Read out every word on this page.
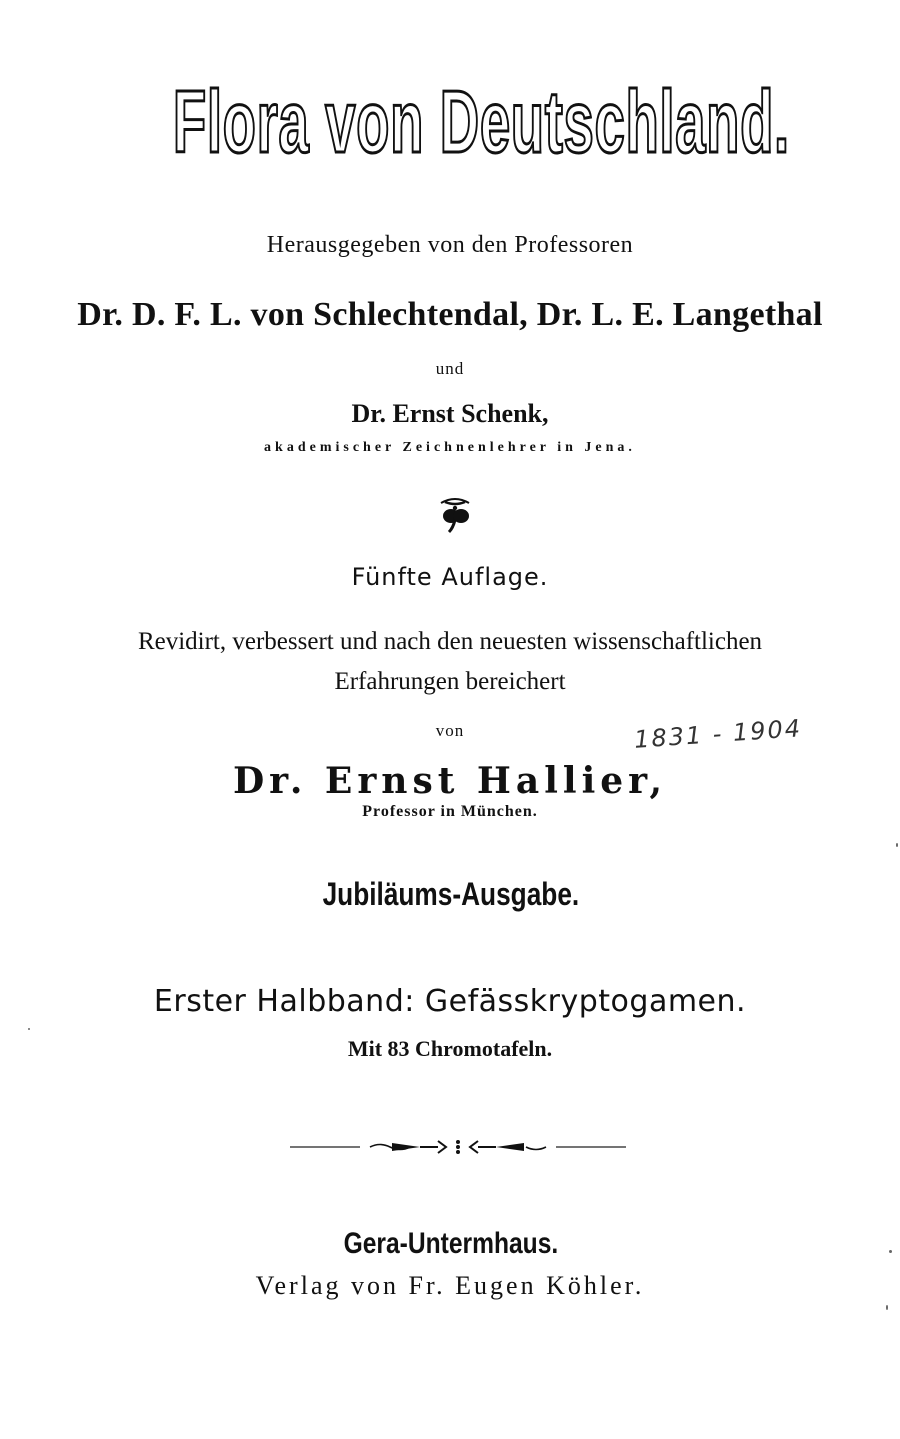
Flora von Deutschland.

Herausgegeben von den Professoren

Dr. D. F. L. von Schlechtendal, Dr. L. E. Langethal

und

Dr. Ernst Schenk,

akademischer Zeichnenlehrer in Jena.

Fünfte Auflage.

Revidirt, verbessert und nach den neuesten wissenschaftlichen

Erfahrungen bereichert

von	1831 - 1904

Dr. Ernst Hallier,

Professor in München.

Jubiläums-Ausgabe.

Erster Halbband: Gefässkryptogamen.

Mit 83 Chromotafeln.

Gera-Untermhaus.

Verlag von Fr. Eugen Köhler.
